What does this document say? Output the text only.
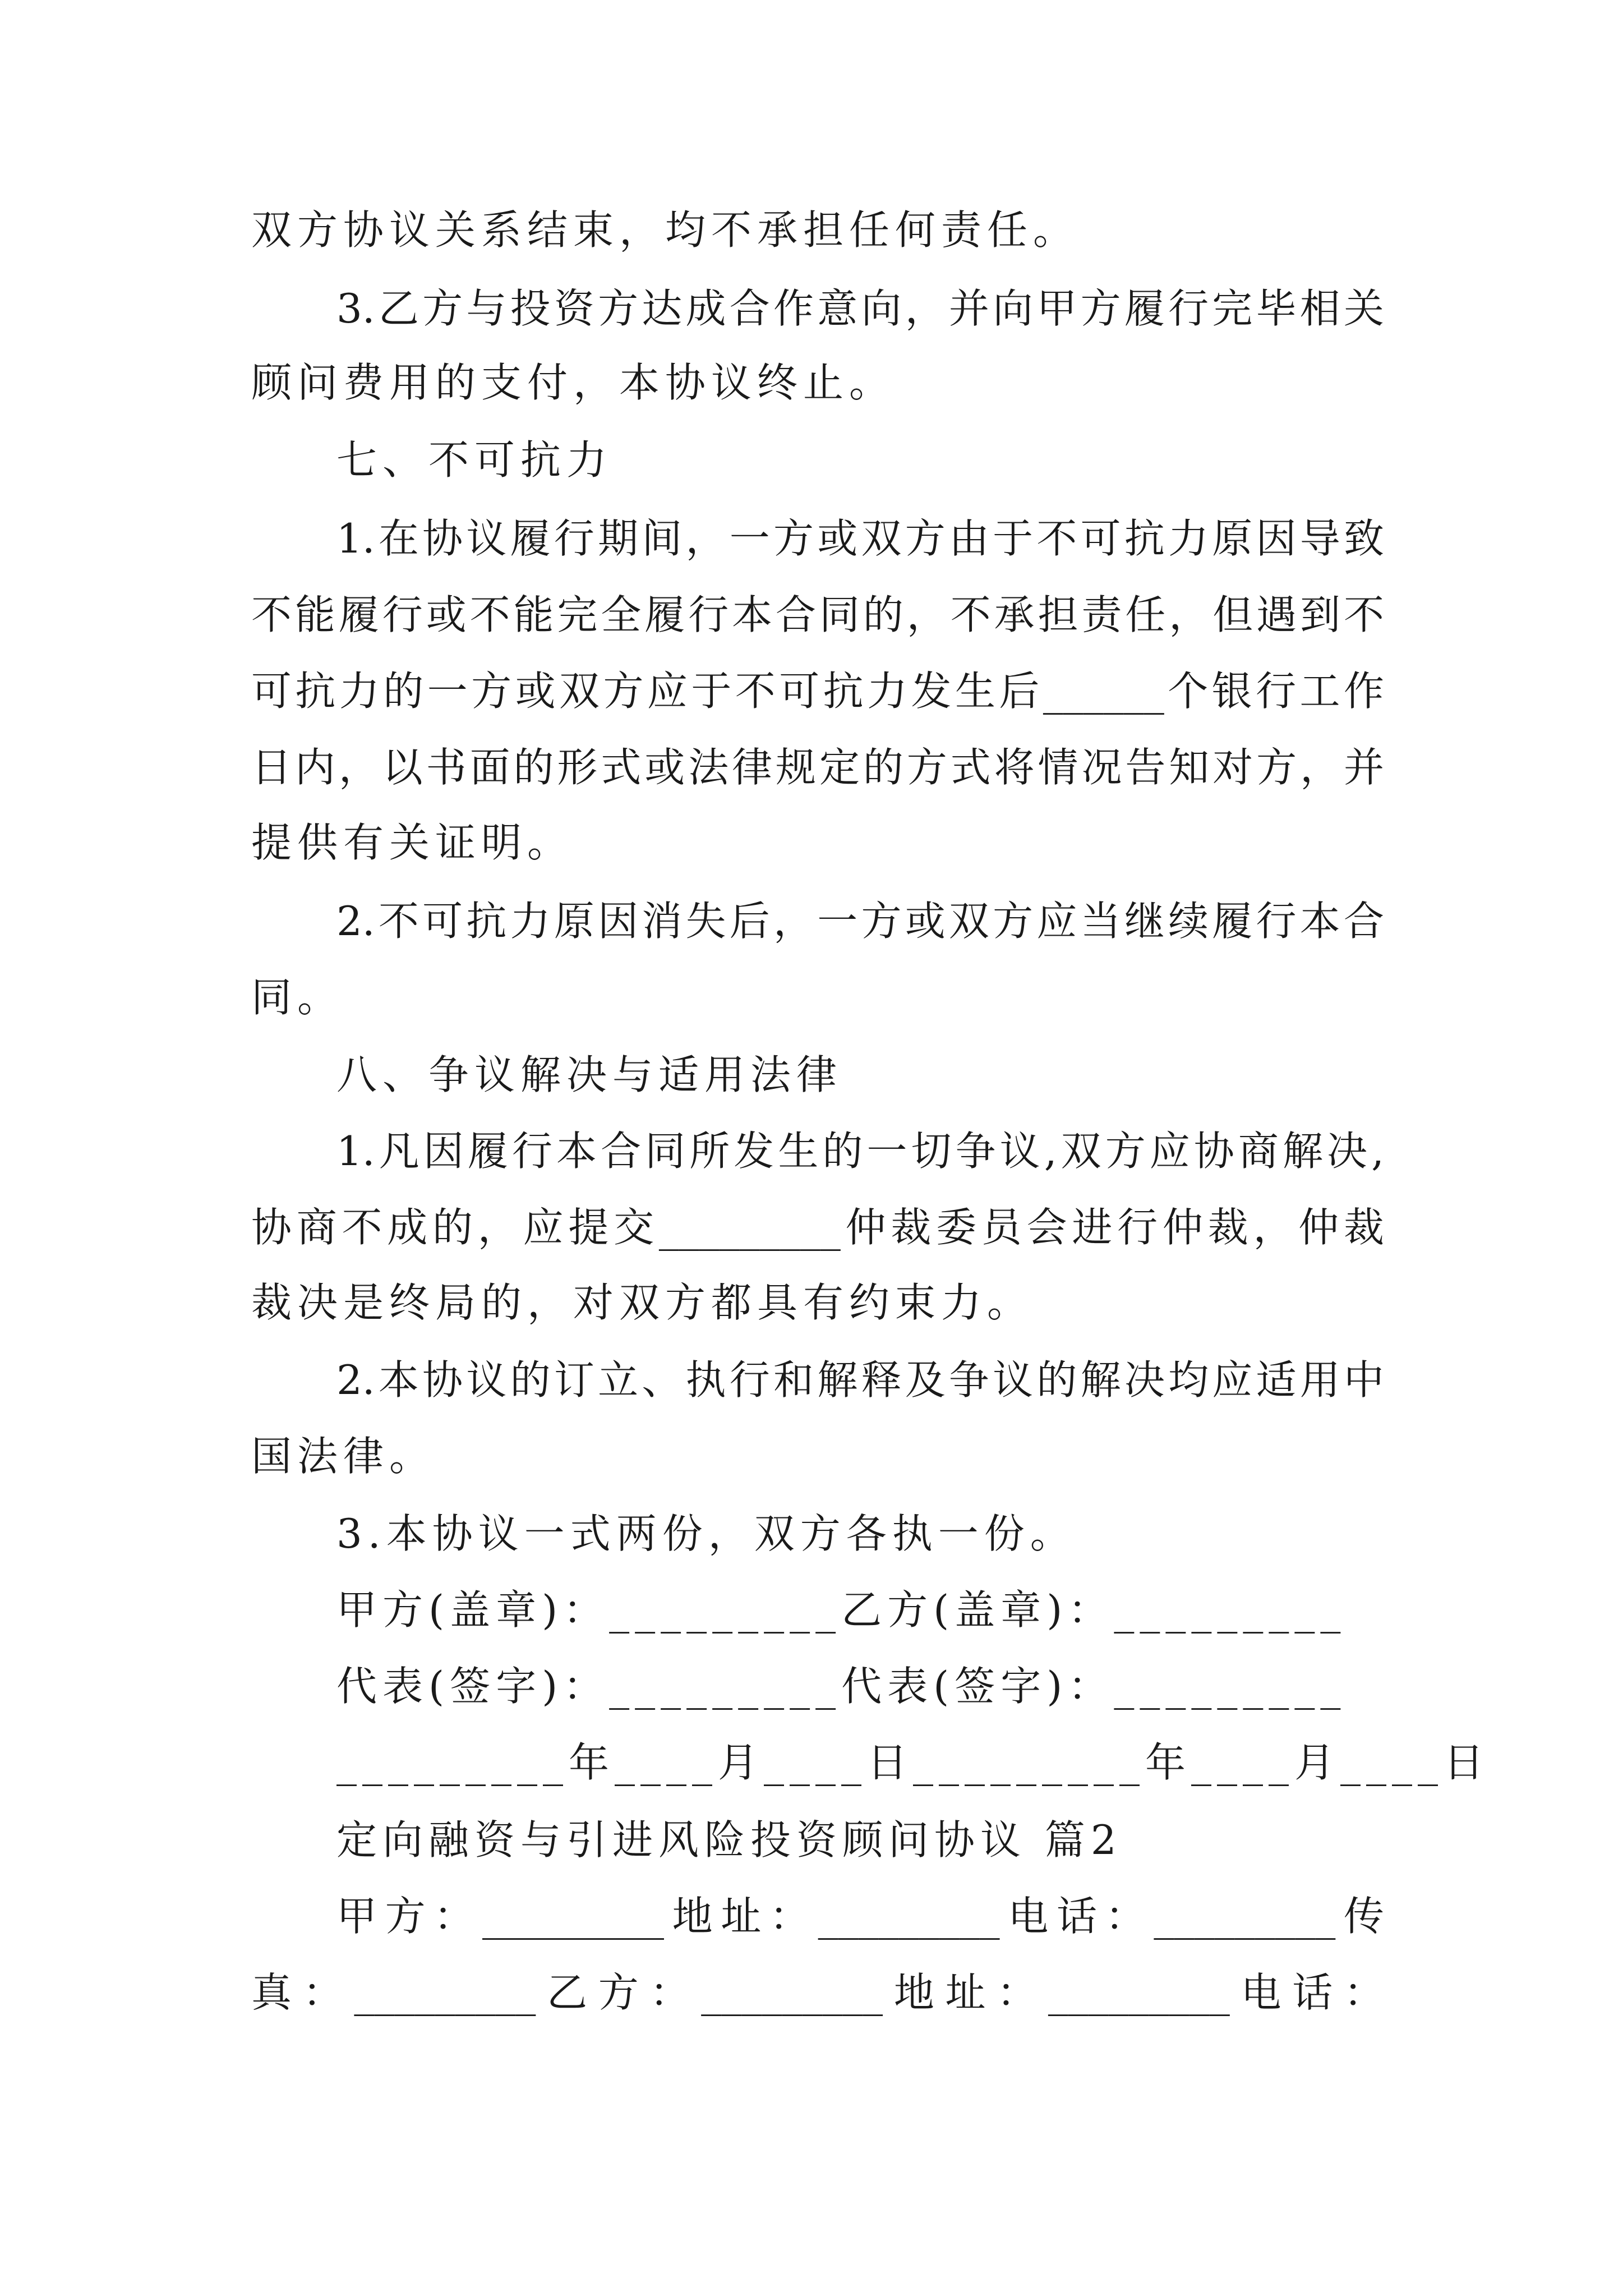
双方协议关系结束，均不承担任何责任。
3.乙方与投资方达成合作意向，并向甲方履行完毕相关
顾问费用的支付，本协议终止。
七、不可抗力
1.在协议履行期间，一方或双方由于不可抗力原因导致
不能履行或不能完全履行本合同的，不承担责任，但遇到不
可抗力的一方或双方应于不可抗力发生后______个银行工作
日内，以书面的形式或法律规定的方式将情况告知对方，并
提供有关证明。
2.不可抗力原因消失后，一方或双方应当继续履行本合
同。
八、争议解决与适用法律
1.凡因履行本合同所发生的一切争议,双方应协商解决,
协商不成的，应提交_________仲裁委员会进行仲裁，仲裁
裁决是终局的，对双方都具有约束力。
2.本协议的订立、执行和解释及争议的解决均应适用中
国法律。
3.本协议一式两份，双方各执一份。
甲方(盖章)：_________乙方(盖章)：_________
代表(签字)：_________代表(签字)：_________
_________年____月____日_________年____月____日
定向融资与引进风险投资顾问协议 篇2
甲方：_________地址：_________电话：_________传
真：_________乙方：_________地址：_________电话：
